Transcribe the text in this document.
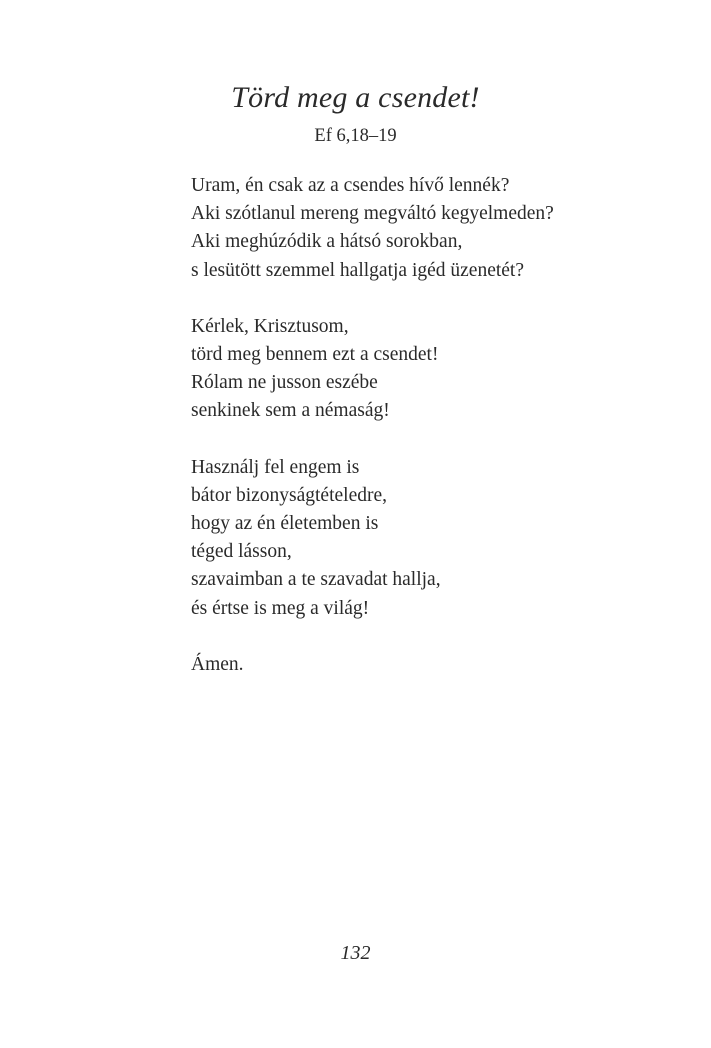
Törd meg a csendet!
Ef 6,18–19
Uram, én csak az a csendes hívő lennék?
Aki szótlanul mereng megváltó kegyelmeden?
Aki meghúzódik a hátsó sorokban,
s lesütött szemmel hallgatja igéd üzenetét?
Kérlek, Krisztusom,
törd meg bennem ezt a csendet!
Rólam ne jusson eszébe
senkinek sem a némaság!
Használj fel engem is
bátor bizonyságtételedre,
hogy az én életemben is
téged lásson,
szavaimban a te szavadat hallja,
és értse is meg a világ!
Ámen.
132
